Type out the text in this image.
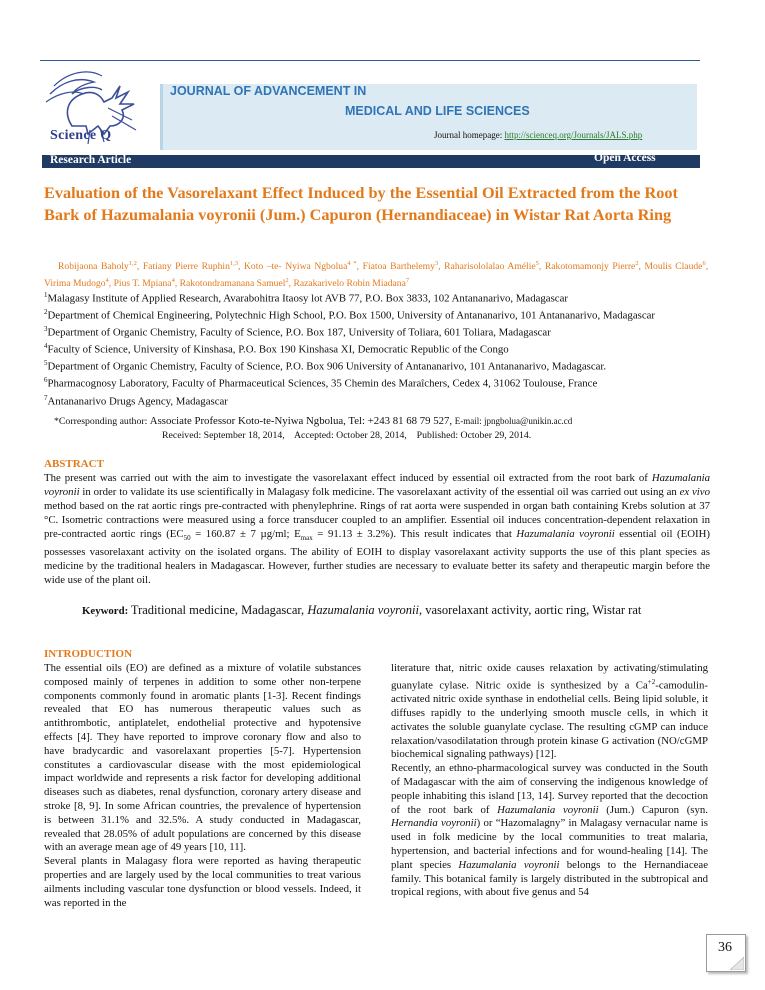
Science Q
JOURNAL OF ADVANCEMENT IN
MEDICAL AND LIFE SCIENCES
Journal homepage: http://scienceq.org/Journals/JALS.php
Research Article	Open Access
Evaluation of the Vasorelaxant Effect Induced by the Essential Oil Extracted from the Root Bark of Hazumalania voyronii (Jum.) Capuron (Hernandiaceae) in Wistar Rat Aorta Ring
Robijaona Baholy$^{1,2}$, Fatiany Pierre Ruphin$^{1,3}$, Koto –te- Nyiwa Ngbolua$^{4 *}$, Fiatoa Barthelemy$^3$, Raharisololalao Amélie$^5$, Rakotomamonjy Pierre$^2$, Moulis Claude$^6$, Virima Mudogo$^4$, Pius T. Mpiana$^4$, Rakotondramanana Samuel$^2$, Razakarivelo Robin Miadana$^7$
$^1$Malagasy Institute of Applied Research, Avarabohitra Itaosy lot AVB 77, P.O. Box 3833, 102 Antananarivo, Madagascar
$^2$Department of Chemical Engineering, Polytechnic High School, P.O. Box 1500, University of Antananarivo, 101 Antananarivo, Madagascar
$^3$Department of Organic Chemistry, Faculty of Science, P.O. Box 187, University of Toliara, 601 Toliara, Madagascar
$^4$Faculty of Science, University of Kinshasa, P.O. Box 190 Kinshasa XI, Democratic Republic of the Congo
$^5$Department of Organic Chemistry, Faculty of Science, P.O. Box 906 University of Antananarivo, 101 Antananarivo, Madagascar.
$^6$Pharmacognosy Laboratory, Faculty of Pharmaceutical Sciences, 35 Chemin des Maraîchers, Cedex 4, 31062 Toulouse, France
$^7$Antananarivo Drugs Agency, Madagascar
*Corresponding author: Associate Professor Koto-te-Nyiwa Ngbolua, Tel: +243 81 68 79 527, E-mail: jpngbolua@unikin.ac.cd
Received: September 18, 2014, Accepted: October 28, 2014, Published: October 29, 2014.
ABSTRACT
The present was carried out with the aim to investigate the vasorelaxant effect induced by essential oil extracted from the root bark of Hazumalania voyronii in order to validate its use scientifically in Malagasy folk medicine. The vasorelaxant activity of the essential oil was carried out using an ex vivo method based on the rat aortic rings pre-contracted with phenylephrine. Rings of rat aorta were suspended in organ bath containing Krebs solution at 37 °C. Isometric contractions were measured using a force transducer coupled to an amplifier. Essential oil induces concentration-dependent relaxation in pre-contracted aortic rings ($EC_{50} = 160.87 \pm 7$ µg/ml; $E_{max} = 91.13 \pm 3.2\%$). This result indicates that Hazumalania voyronii essential oil (EOIH) possesses vasorelaxant activity on the isolated organs. The ability of EOIH to display vasorelaxant activity supports the use of this plant species as medicine by the traditional healers in Madagascar. However, further studies are necessary to evaluate better its safety and therapeutic margin before the wide use of the plant oil.
Keyword: Traditional medicine, Madagascar, Hazumalania voyronii, vasorelaxant activity, aortic ring, Wistar rat
INTRODUCTION

The essential oils (EO) are defined as a mixture of volatile substances composed mainly of terpenes in addition to some other non-terpene components commonly found in aromatic plants [1-3]. Recent findings revealed that EO has numerous therapeutic values such as antithrombotic, antiplatelet, endothelial protective and hypotensive effects [4]. They have reported to improve coronary flow and also to have bradycardic and vasorelaxant properties [5-7]. Hypertension constitutes a cardiovascular disease with the most epidemiological impact worldwide and represents a risk factor for developing additional diseases such as diabetes, renal dysfunction, coronary artery disease and stroke [8, 9]. In some African countries, the prevalence of hypertension is between 31.1% and 32.5%. A study conducted in Madagascar, revealed that 28.05% of adult populations are concerned by this disease with an average mean age of 49 years [10, 11].

Several plants in Malagasy flora were reported as having therapeutic properties and are largely used by the local communities to treat various ailments including vascular tone dysfunction or blood vessels. Indeed, it was reported in the

literature that, nitric oxide causes relaxation by activating/stimulating guanylate cylase. Nitric oxide is synthesized by a $Ca^{+2}-camodulin$-activated nitric oxide synthase in endothelial cells. Being lipid soluble, it diffuses rapidly to the underlying smooth muscle cells, in which it activates the soluble guanylate cyclase. The resulting cGMP can induce relaxation/vasodilatation through protein kinase G activation (NO/cGMP biochemical signaling pathways) [12].

Recently, an ethno-pharmacological survey was conducted in the South of Madagascar with the aim of conserving the indigenous knowledge of people inhabiting this island [13, 14]. Survey reported that the decoction of the root bark of Hazumalania voyronii (Jum.) Capuron (syn. Hernandia voyronii) or “Hazomalagny” in Malagasy vernacular name is used in folk medicine by the local communities to treat malaria, hypertension, and bacterial infections and for wound-healing [14]. The plant species Hazumalania voyronii belongs to the Hernandiaceae family. This botanical family is largely distributed in the subtropical and tropical regions, with about five genus and 54

36
